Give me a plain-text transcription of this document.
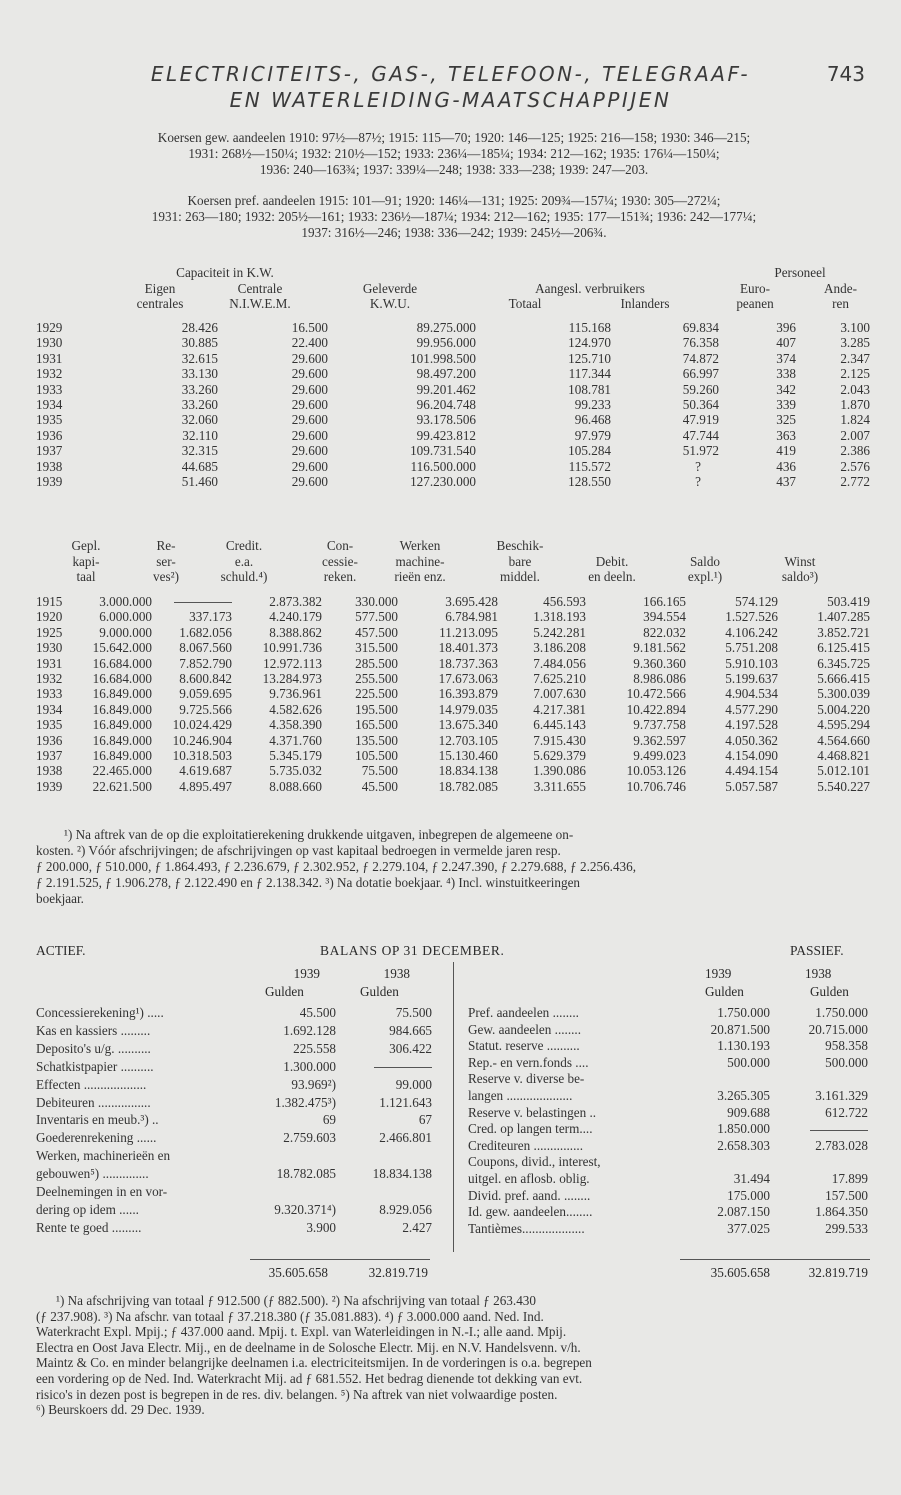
ELECTRICITEITS-, GAS-, TELEFOON-, TELEGRAAF-
EN WATERLEIDING-MAATSCHAPPIJEN
743
Koersen gew. aandeelen 1910: 97½—87½; 1915: 115—70; 1920: 146—125; 1925: 216—158; 1930: 346—215;
1931: 268½—150¼; 1932: 210½—152; 1933: 236¼—185¼; 1934: 212—162; 1935: 176¼—150¼;
1936: 240—163¾; 1937: 339¼—248; 1938: 333—238; 1939: 247—203.
Koersen pref. aandeelen 1915: 101—91; 1920: 146¼—131; 1925: 209¾—157¼; 1930: 305—272¼;
1931: 263—180; 1932: 205½—161; 1933: 236½—187¼; 1934: 212—162; 1935: 177—151¾; 1936: 242—177¼;
1937: 316½—246; 1938: 336—242; 1939: 245½—206¾.
Capaciteit in K.W.
Aangesl. verbruikers
Personeel
Eigen
centrales
Centrale
N.I.W.E.M.
Geleverde
K.W.U.	Totaal	Inlanders
Euro-
peanen
Ande-
ren
1929	28.426	16.500	89.275.000	115.168	69.834	396	3.100
1930	30.885	22.400	99.956.000	124.970	76.358	407	3.285
1931	32.615	29.600	101.998.500	125.710	74.872	374	2.347
1932	33.130	29.600	98.497.200	117.344	66.997	338	2.125
1933	33.260	29.600	99.201.462	108.781	59.260	342	2.043
1934	33.260	29.600	96.204.748	99.233	50.364	339	1.870
1935	32.060	29.600	93.178.506	96.468	47.919	325	1.824
1936	32.110	29.600	99.423.812	97.979	47.744	363	2.007
1937	32.315	29.600	109.731.540	105.284	51.972	419	2.386
1938	44.685	29.600	116.500.000	115.572	?	436	2.576
1939	51.460	29.600	127.230.000	128.550	?	437	2.772
Gepl.
kapi-
taal
Re-
ser-
ves²)
Credit.
e.a.
schuld.⁴)
Con-
cessie-
reken.
Werken
machine-
rieën enz.
Beschik-
bare
middel.
Debit.
en deeln.
Saldo
expl.¹)
Winst
saldo³)
1915	3.000.000		2.873.382	330.000	3.695.428	456.593	166.165	574.129	503.419
1920	6.000.000	337.173	4.240.179	577.500	6.784.981	1.318.193	394.554	1.527.526	1.407.285
1925	9.000.000	1.682.056	8.388.862	457.500	11.213.095	5.242.281	822.032	4.106.242	3.852.721
1930	15.642.000	8.067.560	10.991.736	315.500	18.401.373	3.186.208	9.181.562	5.751.208	6.125.415
1931	16.684.000	7.852.790	12.972.113	285.500	18.737.363	7.484.056	9.360.360	5.910.103	6.345.725
1932	16.684.000	8.600.842	13.284.973	255.500	17.673.063	7.625.210	8.986.086	5.199.637	5.666.415
1933	16.849.000	9.059.695	9.736.961	225.500	16.393.879	7.007.630	10.472.566	4.904.534	5.300.039
1934	16.849.000	9.725.566	4.582.626	195.500	14.979.035	4.217.381	10.422.894	4.577.290	5.004.220
1935	16.849.000	10.024.429	4.358.390	165.500	13.675.340	6.445.143	9.737.758	4.197.528	4.595.294
1936	16.849.000	10.246.904	4.371.760	135.500	12.703.105	7.915.430	9.362.597	4.050.362	4.564.660
1937	16.849.000	10.318.503	5.345.179	105.500	15.130.460	5.629.379	9.499.023	4.154.090	4.468.821
1938	22.465.000	4.619.687	5.735.032	75.500	18.834.138	1.390.086	10.053.126	4.494.154	5.012.101
1939	22.621.500	4.895.497	8.088.660	45.500	18.782.085	3.311.655	10.706.746	5.057.587	5.540.227
¹) Na aftrek van de op die exploitatierekening drukkende uitgaven, inbegrepen de algemeene on-
kosten. ²) Vóór afschrijvingen; de afschrijvingen op vast kapitaal bedroegen in vermelde jaren resp.
ƒ 200.000, ƒ 510.000, ƒ 1.864.493, ƒ 2.236.679, ƒ 2.302.952, ƒ 2.279.104, ƒ 2.247.390, ƒ 2.279.688, ƒ 2.256.436,
ƒ 2.191.525, ƒ 1.906.278, ƒ 2.122.490 en ƒ 2.138.342. ³) Na dotatie boekjaar. ⁴) Incl. winstuitkeeringen
boekjaar.
ACTIEF.	BALANS OP 31 DECEMBER.	PASSIEF.
1939	1938
Gulden	Gulden
1939	1938
Gulden	Gulden
Concessierekening¹) .....	45.500	75.500
Kas en kassiers .........	1.692.128	984.665
Deposito's u/g. ..........	225.558	306.422
Schatkistpapier ..........	1.300.000
Effecten ...................	93.969²)	99.000
Debiteuren ................	1.382.475³)	1.121.643
Inventaris en meub.³) ..	69	67
Goederenrekening ......	2.759.603	2.466.801
Werken, machinerieën en
gebouwen⁵) ..............	18.782.085	18.834.138
Deelnemingen in en vor-
dering op idem ......	9.320.371⁴)	8.929.056
Rente te goed .........	3.900	2.427
Pref. aandeelen ........	1.750.000	1.750.000
Gew. aandeelen ........	20.871.500	20.715.000
Statut. reserve ..........	1.130.193	958.358
Rep.- en vern.fonds ....	500.000	500.000
Reserve v. diverse be-
langen ....................	3.265.305	3.161.329
Reserve v. belastingen ..	909.688	612.722
Cred. op langen term....	1.850.000
Crediteuren ...............	2.658.303	2.783.028
Coupons, divid., interest,
uitgel. en aflosb. oblig.	31.494	17.899
Divid. pref. aand. ........	175.000	157.500
Id. gew. aandeelen........	2.087.150	1.864.350
Tantièmes...................	377.025	299.533
35.605.658	32.819.719	35.605.658	32.819.719
¹) Na afschrijving van totaal ƒ 912.500 (ƒ 882.500). ²) Na afschrijving van totaal ƒ 263.430
(ƒ 237.908). ³) Na afschr. van totaal ƒ 37.218.380 (ƒ 35.081.883). ⁴) ƒ 3.000.000 aand. Ned. Ind.
Waterkracht Expl. Mpij.; ƒ 437.000 aand. Mpij. t. Expl. van Waterleidingen in N.-I.; alle aand. Mpij.
Electra en Oost Java Electr. Mij., en de deelname in de Solosche Electr. Mij. en N.V. Handelsvenn. v/h.
Maintz & Co. en minder belangrijke deelnamen i.a. electriciteitsmijen. In de vorderingen is o.a. begrepen
een vordering op de Ned. Ind. Waterkracht Mij. ad ƒ 681.552. Het bedrag dienende tot dekking van evt.
risico's in dezen post is begrepen in de res. div. belangen. ⁵) Na aftrek van niet volwaardige posten.
⁶) Beurskoers dd. 29 Dec. 1939.
